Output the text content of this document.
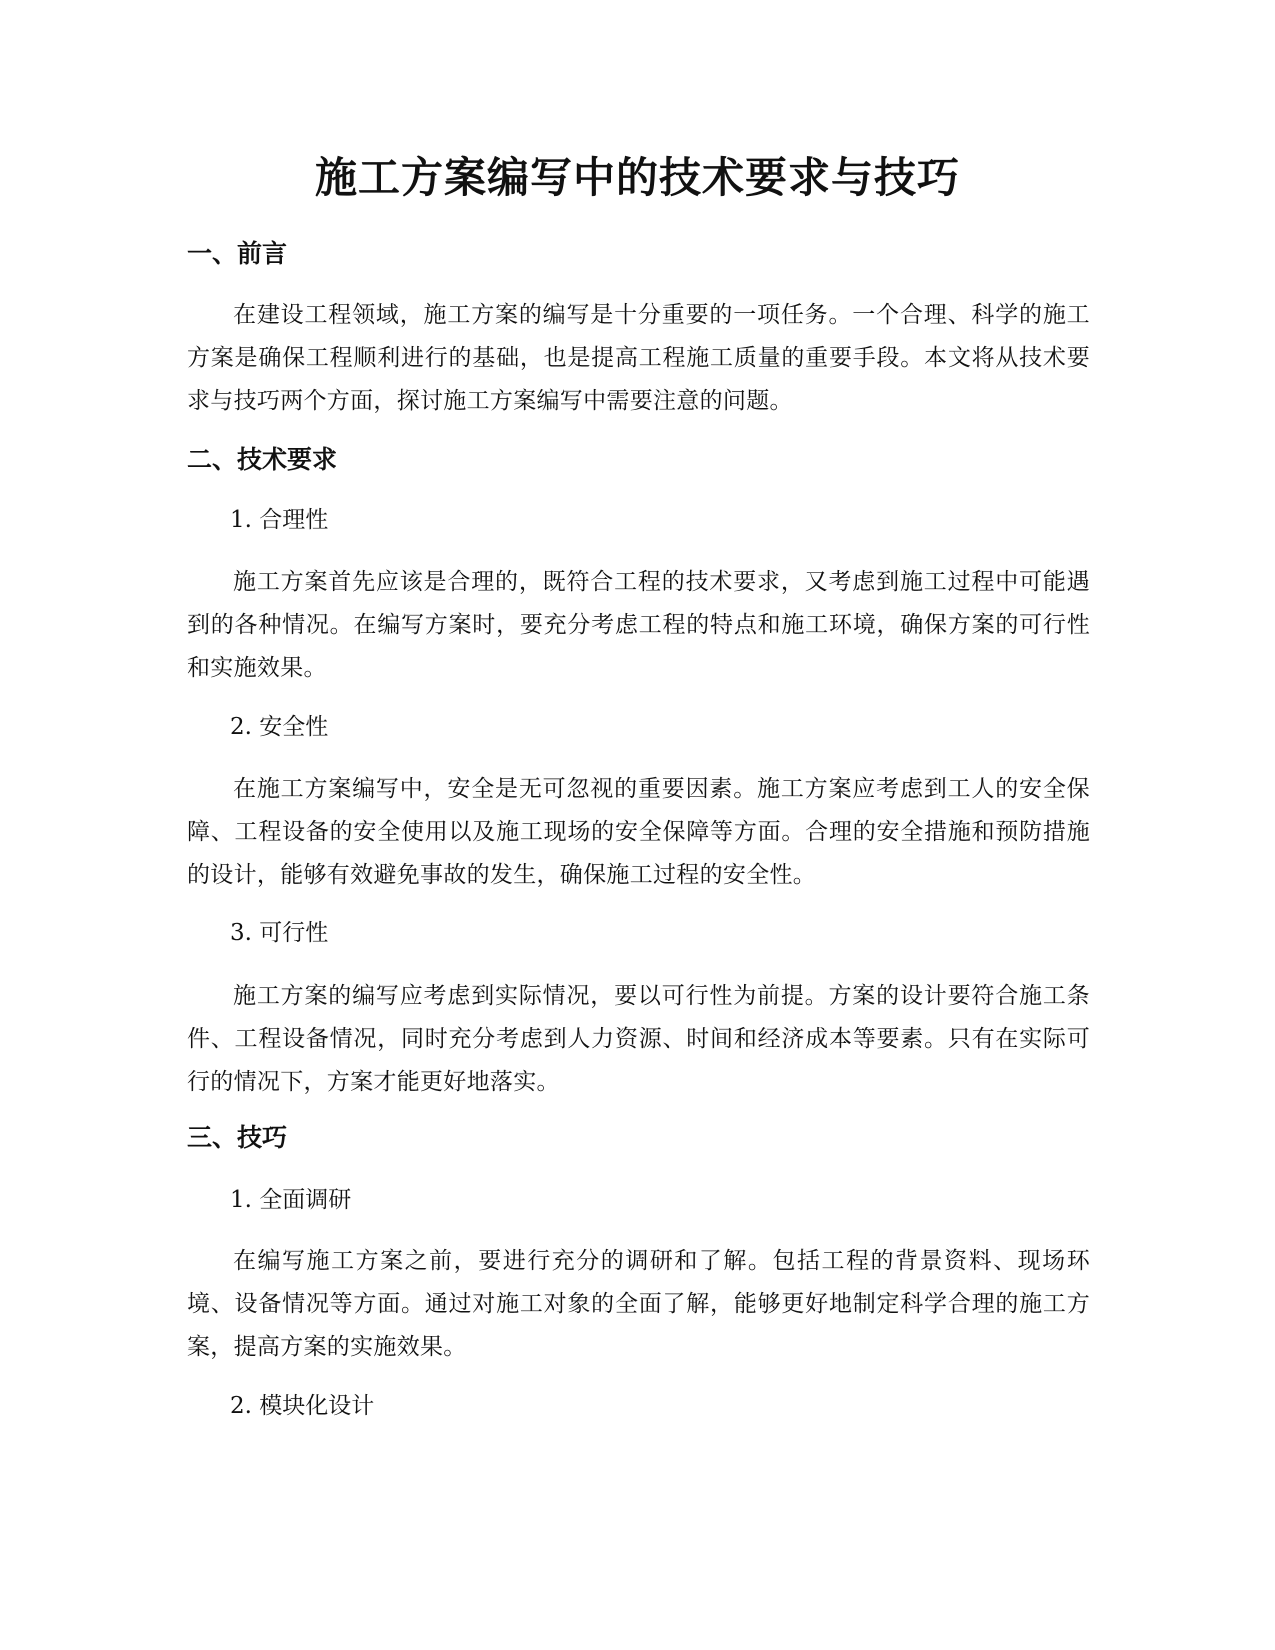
施工方案编写中的技术要求与技巧
一、前言

在建设工程领域，施工方案的编写是十分重要的一项任务。一个合理、科学的施工方案是确保工程顺利进行的基础，也是提高工程施工质量的重要手段。本文将从技术要求与技巧两个方面，探讨施工方案编写中需要注意的问题。

二、技术要求

1. 合理性

施工方案首先应该是合理的，既符合工程的技术要求，又考虑到施工过程中可能遇到的各种情况。在编写方案时，要充分考虑工程的特点和施工环境，确保方案的可行性和实施效果。

2. 安全性

在施工方案编写中，安全是无可忽视的重要因素。施工方案应考虑到工人的安全保障、工程设备的安全使用以及施工现场的安全保障等方面。合理的安全措施和预防措施的设计，能够有效避免事故的发生，确保施工过程的安全性。

3. 可行性

施工方案的编写应考虑到实际情况，要以可行性为前提。方案的设计要符合施工条件、工程设备情况，同时充分考虑到人力资源、时间和经济成本等要素。只有在实际可行的情况下，方案才能更好地落实。

三、技巧

1. 全面调研

在编写施工方案之前，要进行充分的调研和了解。包括工程的背景资料、现场环境、设备情况等方面。通过对施工对象的全面了解，能够更好地制定科学合理的施工方案，提高方案的实施效果。

2. 模块化设计
